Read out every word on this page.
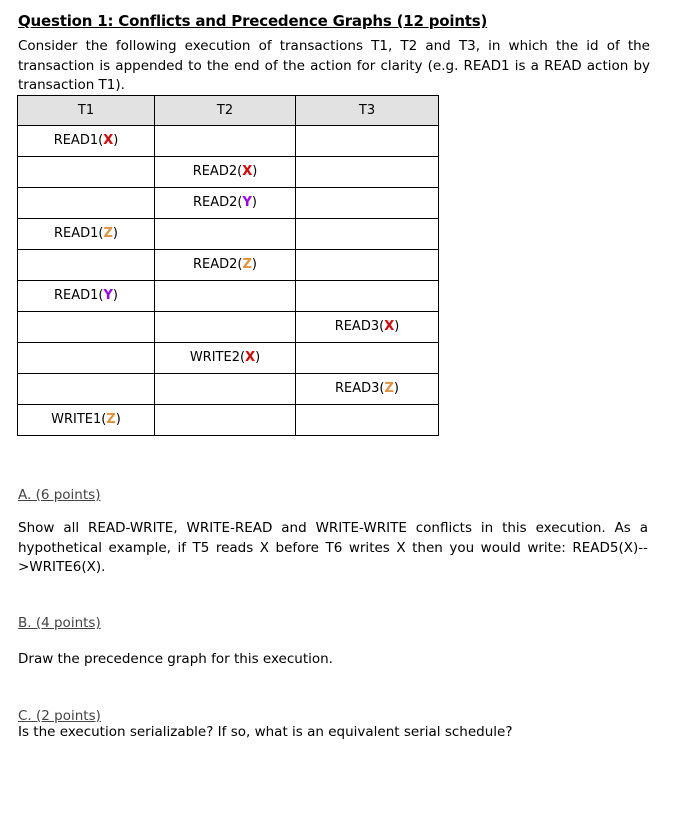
Question 1: Conflicts and Precedence Graphs (12 points)
Consider the following execution of transactions T1, T2 and T3, in which the id of the transaction is appended to the end of the action for clarity (e.g. READ1 is a READ action by transaction T1).
T1	T2	T3

READ1(X)		

	READ2(X)	

	READ2(Y)	

READ1(Z)		

	READ2(Z)	

READ1(Y)		

		READ3(X)

	WRITE2(X)	

		READ3(Z)

WRITE1(Z)		

A. (6 points)
Show all READ-WRITE, WRITE-READ and WRITE-WRITE conflicts in this execution. As a hypothetical example, if T5 reads X before T6 writes X then you would write: READ5(X)-->WRITE6(X).
B. (4 points)
Draw the precedence graph for this execution.
C. (2 points)
Is the execution serializable? If so, what is an equivalent serial schedule?
